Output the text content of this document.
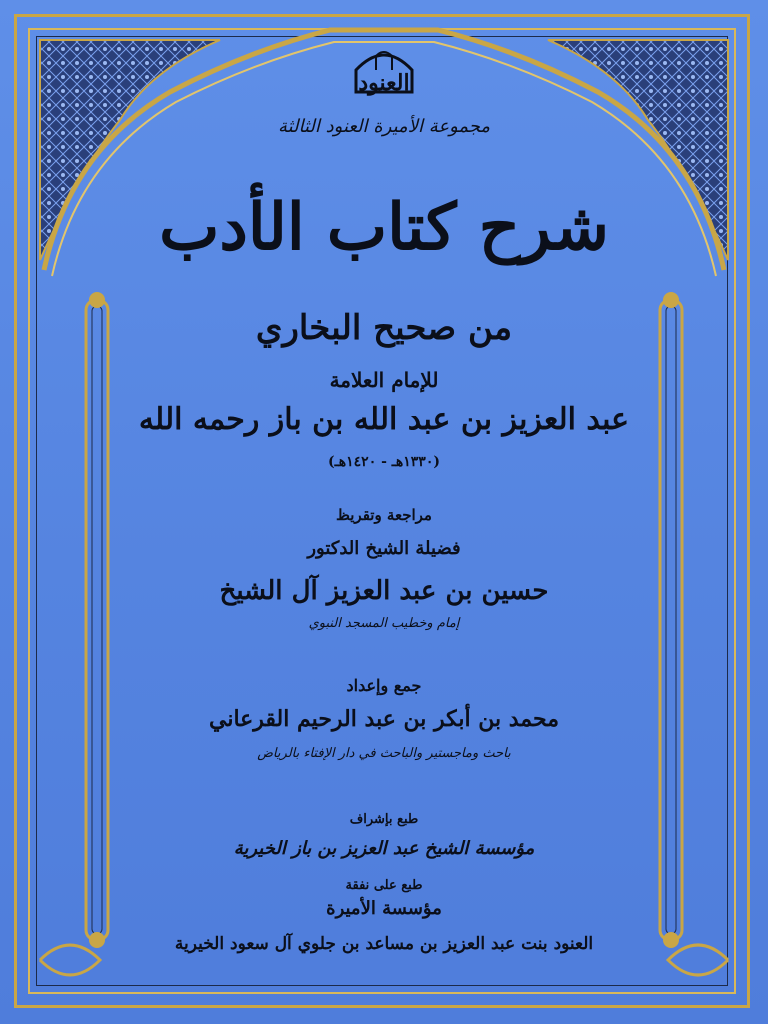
العنود
مجموعة الأميرة العنود الثالثة
شرح كتاب الأدب
من صحيح البخاري
للإمام العلامة
عبد العزيز بن عبد الله بن باز رحمه الله
(١٣٣٠هـ - ١٤٢٠هـ)
مراجعة وتقريظ
فضيلة الشيخ الدكتور
حسين بن عبد العزيز آل الشيخ
إمام وخطيب المسجد النبوي
جمع وإعداد
محمد بن أبكر بن عبد الرحيم القرعاني
باحث وماجستير والباحث في دار الإفتاء بالرياض
طبع بإشراف
مؤسسة الشيخ عبد العزيز بن باز الخيرية
طبع على نفقة
مؤسسة الأميرة
العنود بنت عبد العزيز بن مساعد بن جلوي آل سعود الخيرية
